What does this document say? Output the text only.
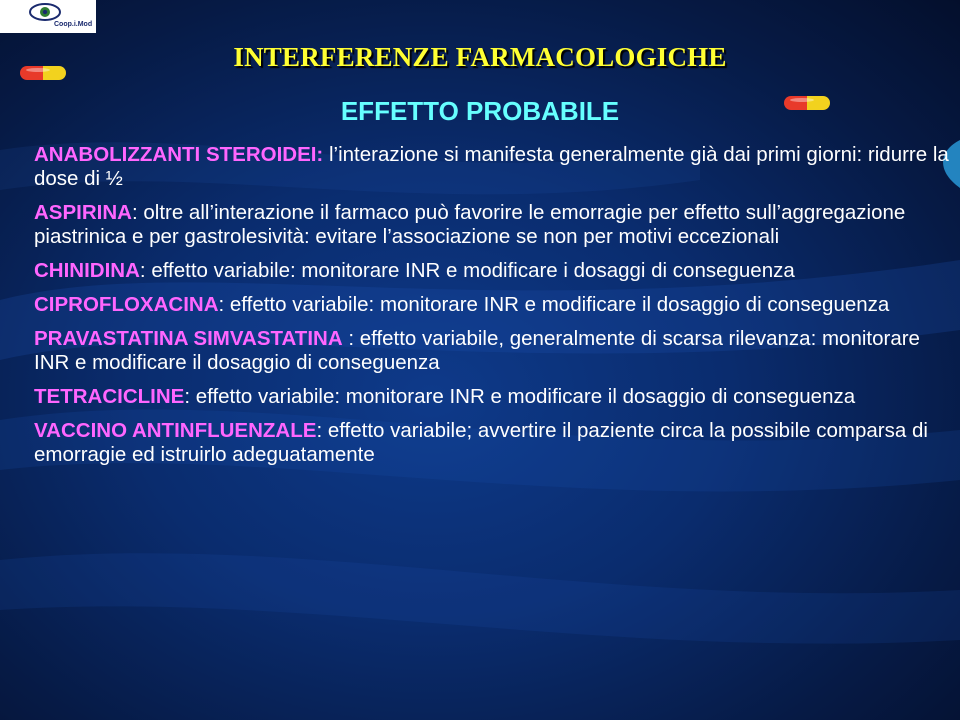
Coop.i.Mod
INTERFERENZE FARMACOLOGICHE
EFFETTO PROBABILE
ANABOLIZZANTI STEROIDEI: l’interazione si manifesta generalmente già dai primi giorni: ridurre la dose di ½
ASPIRINA: oltre all’interazione il farmaco può favorire le emorragie per effetto sull’aggregazione piastrinica e per gastrolesività: evitare l’associazione se non per motivi eccezionali
CHINIDINA: effetto variabile: monitorare INR e modificare i dosaggi di conseguenza
CIPROFLOXACINA: effetto variabile: monitorare INR e modificare il dosaggio di conseguenza
PRAVASTATINA SIMVASTATINA : effetto variabile, generalmente di scarsa rilevanza: monitorare INR e modificare il dosaggio di conseguenza
TETRACICLINE: effetto variabile: monitorare INR e modificare il dosaggio di conseguenza
VACCINO ANTINFLUENZALE: effetto variabile; avvertire il paziente circa la possibile comparsa di emorragie ed istruirlo adeguatamente
